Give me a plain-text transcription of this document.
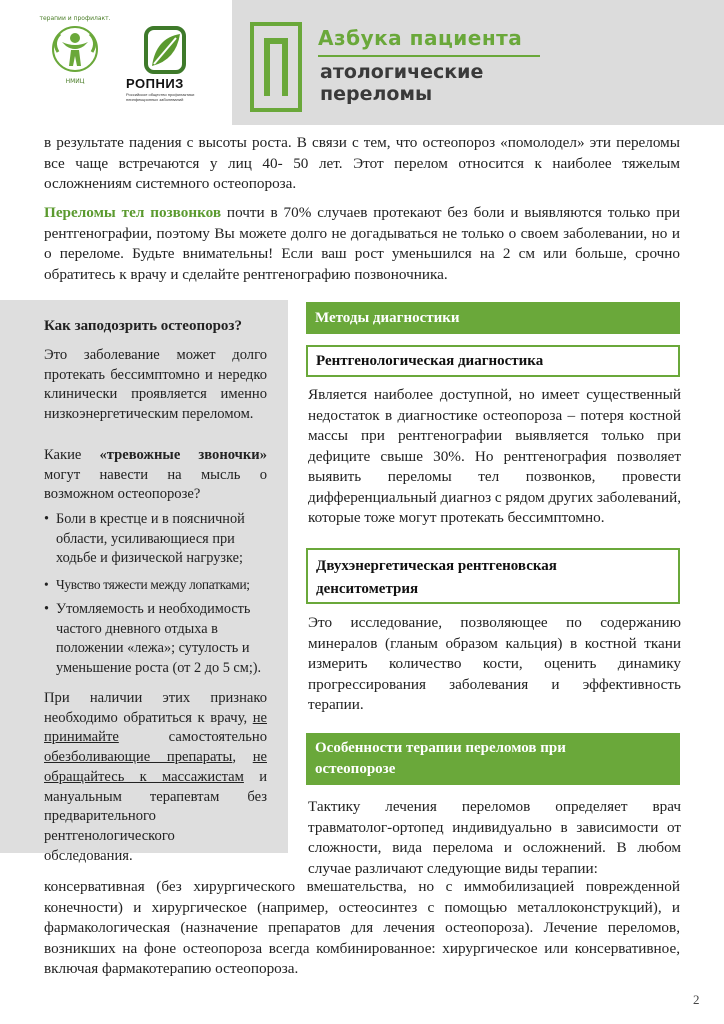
терапии и профилакт.
НМИЦ	РОПНИЗ
Российское общество профилактики неинфекционных заболеваний
Азбука пациента
атологические
переломы

в результате падения с высоты роста. В связи с тем, что остеопороз «помолодел» эти переломы все чаще встречаются у лиц 40- 50 лет. Этот перелом относится к наиболее тяжелым осложнениям системного остеопороза.

Переломы тел позвонков почти в 70% случаев протекают без боли и выявляются только при рентгенографии, поэтому Вы можете долго не догадываться не только о своем заболевании, но и о переломе. Будьте внимательны! Если ваш рост уменьшился на 2 см или больше, срочно обратитесь к врачу и сделайте рентгенографию позвоночника.

Как заподозрить остеопороз?

Это заболевание может долго протекать бессимптомно и нередко клинически проявляется именно низкоэнергетическим переломом.

Какие «тревожные звоночки» могут навести на мысль о возможном остеопорозе?

• Боли в крестце и в поясничной области, усиливающиеся при ходьбе и физической нагрузке;
• Чувство тяжести между лопатками;
• Утомляемость и необходимость частого дневного отдыха в положении «лежа»; сутулость и уменьшение роста (от 2 до 5 см;).

При наличии этих признако необходимо обратиться к врачу, не принимайте самостоятельно обезболивающие препараты, не обращайтесь к массажистам и мануальным терапевтам без предварительного рентгенологического обследования.

Методы диагностики
Рентгенологическая диагностика

Является наиболее доступной, но имеет существенный недостаток в диагностике остеопороза – потеря костной массы при рентгенографии выявляется только при дефиците свыше 30%. Но рентгенография позволяет выявить переломы тел позвонков, провести дифференциальный диагноз с рядом других заболеваний, которые тоже могут протекать бессимптомно.

Двухэнергетическая рентгеновская
денситометрия

Это исследование, позволяющее по содержанию минералов (гланым образом кальция) в костной ткани измерить количество кости, оценить динамику прогрессирования заболевания и эффективность терапии.

Особенности терапии переломов при
остеопорозе

Тактику лечения переломов определяет врач травматолог-ортопед индивидуально в зависимости от сложности, вида перелома и осложнений. В любом случае различают следующие виды терапии:

консервативная (без хирургического вмешательства, но с иммобилизацией поврежденной конечности) и хирургическое (например, остеосинтез с помощью металлоконструкций), и фармакологическая (назначение препаратов для лечения остеопороза). Лечение переломов, возникших на фоне остеопороза всегда комбинированное: хирургическое или консервативное, включая фармакотерапию остеопороза.

2
